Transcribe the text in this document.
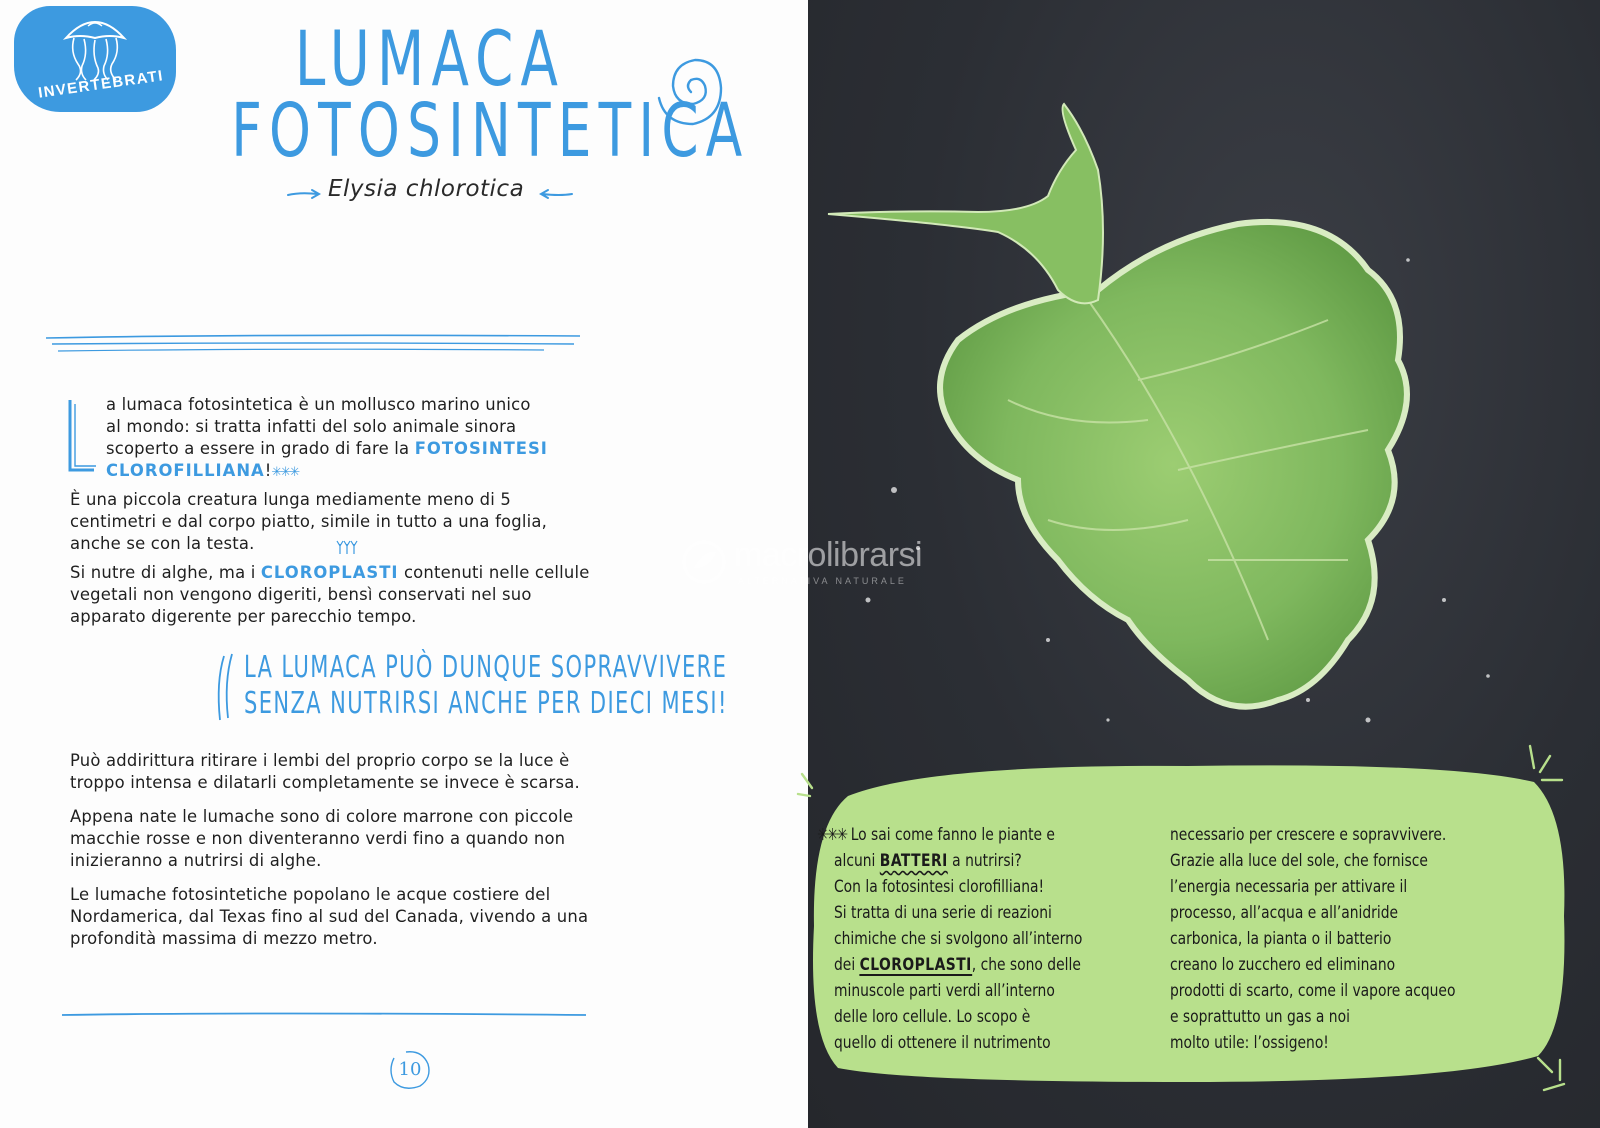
INVERTEBRATI LUMACA
FOTOSINTETICA
Elysia chlorotica
a lumaca fotosintetica è un mollusco marino unico
al mondo: si tratta infatti del solo animale sinora
scoperto a essere in grado di fare la FOTOSINTESI
CLOROFILLIANA!✳✳✳
È una piccola creatura lunga mediamente meno di 5 centimetri e dal corpo piatto, simile in tutto a una foglia, anche se con la testa.
Si nutre di alghe, ma i CLOROPLASTI contenuti nelle cellule vegetali non vengono digeriti, bensì conservati nel suo apparato digerente per parecchio tempo.
LA LUMACA PUÒ DUNQUE SOPRAVVIVERE
SENZA NUTRIRSI ANCHE PER DIECI MESI!
Può addirittura ritirare i lembi del proprio corpo se la luce è troppo intensa e dilatarli completamente se invece è scarsa.
Appena nate le lumache sono di colore marrone con piccole macchie rosse e non diventeranno verdi fino a quando non inizieranno a nutrirsi di alghe.
Le lumache fotosintetiche popolano le acque costiere del Nordamerica, dal Texas fino al sud del Canada, vivendo a una profondità massima di mezzo metro.
10
macrolibrarsi
ALTERNATIVA NATURALE
✳✳✳ Lo sai come fanno le piante e
alcuni BATTERI a nutrirsi?
Con la fotosintesi clorofilliana!
Si tratta di una serie di reazioni
chimiche che si svolgono all’interno
dei CLOROPLASTI, che sono delle
minuscole parti verdi all’interno
delle loro cellule. Lo scopo è
quello di ottenere il nutrimento
necessario per crescere e sopravvivere.
Grazie alla luce del sole, che fornisce
l’energia necessaria per attivare il
processo, all’acqua e all’anidride
carbonica, la pianta o il batterio
creano lo zucchero ed eliminano
prodotti di scarto, come il vapore acqueo
e soprattutto un gas a noi
molto utile: l’ossigeno!
